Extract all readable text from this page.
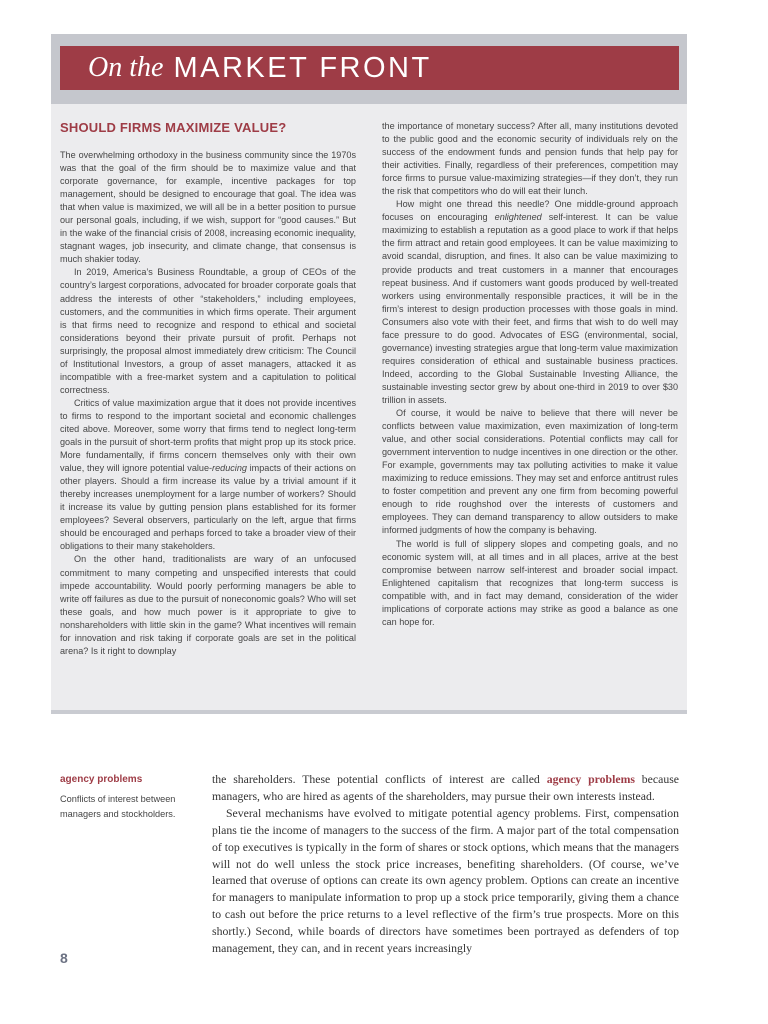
On the MARKET FRONT
SHOULD FIRMS MAXIMIZE VALUE?

The overwhelming orthodoxy in the business community since the 1970s was that the goal of the firm should be to maximize value and that corporate governance, for example, incentive packages for top management, should be designed to encourage that goal. The idea was that when value is maximized, we will all be in a better position to pursue our personal goals, including, if we wish, support for “good causes.” But in the wake of the financial crisis of 2008, increasing economic inequality, stagnant wages, job insecurity, and climate change, that consensus is much shakier today.

In 2019, America’s Business Roundtable, a group of CEOs of the country’s largest corporations, advocated for broader corporate goals that address the interests of other “stakeholders,” including employees, customers, and the communities in which firms operate. Their argument is that firms need to recognize and respond to ethical and societal considerations beyond their private pursuit of profit. Perhaps not surprisingly, the proposal almost immediately drew criticism: The Council of Institutional Investors, a group of asset managers, attacked it as incompatible with a free-market system and a capitulation to political correctness.

Critics of value maximization argue that it does not provide incentives to firms to respond to the important societal and economic challenges cited above. Moreover, some worry that firms tend to neglect long-term goals in the pursuit of short-term profits that might prop up its stock price. More fundamentally, if firms concern themselves only with their own value, they will ignore potential value-reducing impacts of their actions on other players. Should a firm increase its value by a trivial amount if it thereby increases unemployment for a large number of workers? Should it increase its value by gutting pension plans established for its former employees? Several observers, particularly on the left, argue that firms should be encouraged and perhaps forced to take a broader view of their obligations to their many stakeholders.

On the other hand, traditionalists are wary of an unfocused commitment to many competing and unspecified interests that could impede accountability. Would poorly performing managers be able to write off failures as due to the pursuit of noneconomic goals? Who will set these goals, and how much power is it appropriate to give to nonshareholders with little skin in the game? What incentives will remain for innovation and risk taking if corporate goals are set in the political arena? Is it right to downplay

the importance of monetary success? After all, many institutions devoted to the public good and the economic security of individuals rely on the success of the endowment funds and pension funds that help pay for their activities. Finally, regardless of their preferences, competition may force firms to pursue value-maximizing strategies—if they don’t, they run the risk that competitors who do will eat their lunch.

How might one thread this needle? One middle-ground approach focuses on encouraging enlightened self-interest. It can be value maximizing to establish a reputation as a good place to work if that helps the firm attract and retain good employees. It can be value maximizing to avoid scandal, disruption, and fines. It also can be value maximizing to provide products and treat customers in a manner that encourages repeat business. And if customers want goods produced by well-treated workers using environmentally responsible practices, it will be in the firm’s interest to design production processes with those goals in mind. Consumers also vote with their feet, and firms that wish to do well may face pressure to do good. Advocates of ESG (environmental, social, governance) investing strategies argue that long-term value maximization requires consideration of ethical and sustainable business practices. Indeed, according to the Global Sustainable Investing Alliance, the sustainable investing sector grew by about one-third in 2019 to over $30 trillion in assets.

Of course, it would be naive to believe that there will never be conflicts between value maximization, even maximization of long-term value, and other social considerations. Potential conflicts may call for government intervention to nudge incentives in one direction or the other. For example, governments may tax polluting activities to make it value maximizing to reduce emissions. They may set and enforce antitrust rules to foster competition and prevent any one firm from becoming powerful enough to ride roughshod over the interests of customers and employees. They can demand transparency to allow outsiders to make informed judgments of how the company is behaving.

The world is full of slippery slopes and competing goals, and no economic system will, at all times and in all places, arrive at the best compromise between narrow self-interest and broader social impact. Enlightened capitalism that recognizes that long-term success is compatible with, and in fact may demand, consideration of the wider implications of corporate actions may strike as good a balance as one can hope for.

agency problems
Conflicts of interest between managers and stockholders.

the shareholders. These potential conflicts of interest are called agency problems because managers, who are hired as agents of the shareholders, may pursue their own interests instead.

Several mechanisms have evolved to mitigate potential agency problems. First, compensation plans tie the income of managers to the success of the firm. A major part of the total compensation of top executives is typically in the form of shares or stock options, which means that the managers will not do well unless the stock price increases, benefiting shareholders. (Of course, we’ve learned that overuse of options can create its own agency problem. Options can create an incentive for managers to manipulate information to prop up a stock price temporarily, giving them a chance to cash out before the price returns to a level reflective of the firm’s true prospects. More on this shortly.) Second, while boards of directors have sometimes been portrayed as defenders of top management, they can, and in recent years increasingly

8
